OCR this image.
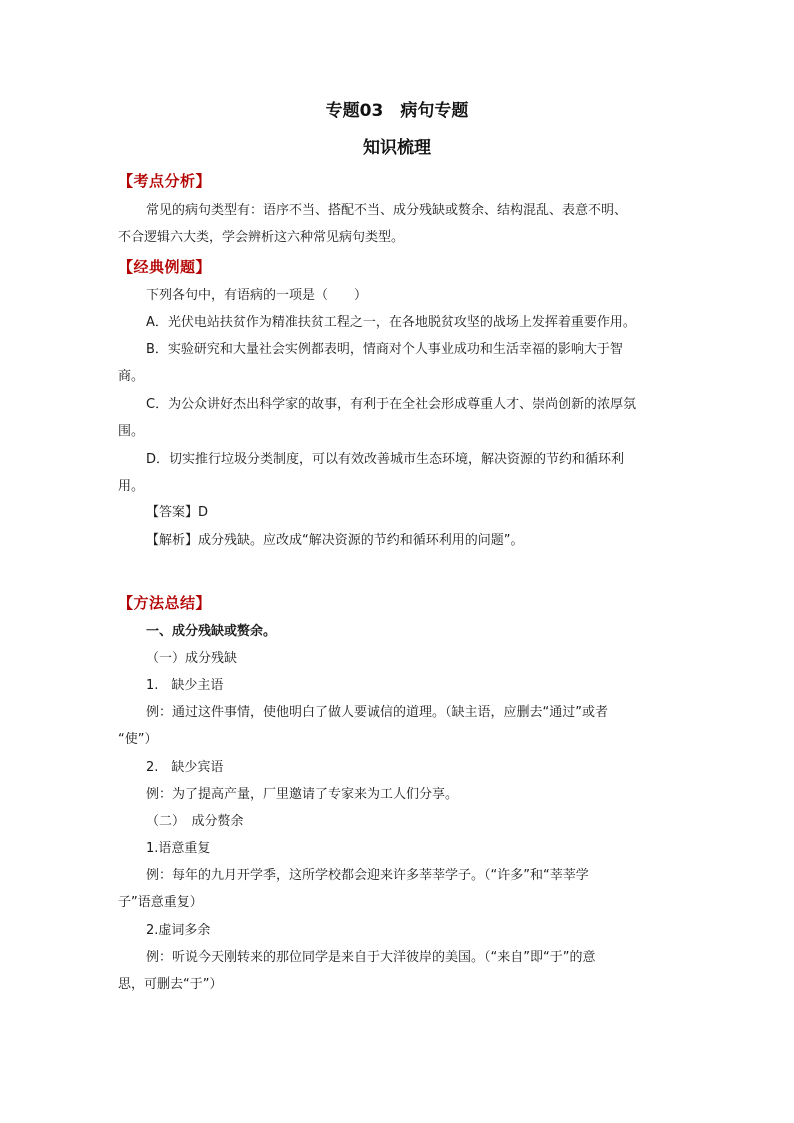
专题03　病句专题
知识梳理
【考点分析】
常见的病句类型有：语序不当、搭配不当、成分残缺或赘余、结构混乱、表意不明、
不合逻辑六大类，学会辨析这六种常见病句类型。
【经典例题】
下列各句中，有语病的一项是（　　）
A．光伏电站扶贫作为精准扶贫工程之一，在各地脱贫攻坚的战场上发挥着重要作用。
B．实验研究和大量社会实例都表明，情商对个人事业成功和生活幸福的影响大于智
商。
C．为公众讲好杰出科学家的故事，有利于在全社会形成尊重人才、崇尚创新的浓厚氛
围。
D．切实推行垃圾分类制度，可以有效改善城市生态环境，解决资源的节约和循环利
用。
【答案】D
【解析】成分残缺。应改成“解决资源的节约和循环利用的问题”。
【方法总结】
一、成分残缺或赘余。
（一）成分残缺
1.　缺少主语
例：通过这件事情，使他明白了做人要诚信的道理。（缺主语，应删去“通过”或者
“使”）
2.　缺少宾语
例：为了提高产量，厂里邀请了专家来为工人们分享。
（二）　成分赘余
1.语意重复
例：每年的九月开学季，这所学校都会迎来许多莘莘学子。（“许多”和“莘莘学
子”语意重复）
2.虚词多余
例：听说今天刚转来的那位同学是来自于大洋彼岸的美国。（“来自”即“于”的意
思，可删去“于”）
